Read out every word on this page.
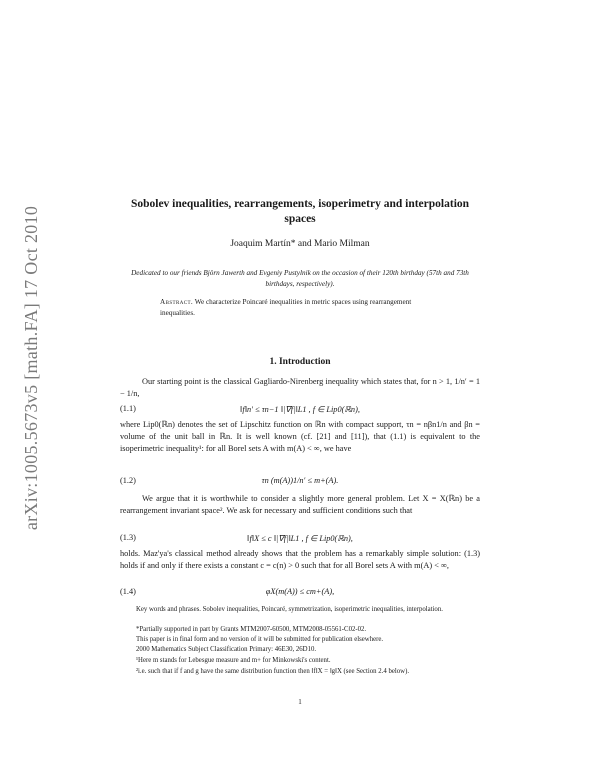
arXiv:1005.5673v5 [math.FA] 17 Oct 2010
Sobolev inequalities, rearrangements, isoperimetry and interpolation spaces
Joaquim Martín* and Mario Milman
Dedicated to our friends Björn Jawerth and Evgeniy Pustylnik on the occasion of their 120th birthday (57th and 73th birthdays, respectively).
Abstract. We characterize Poincaré inequalities in metric spaces using rearrangement inequalities.
1. Introduction
Our starting point is the classical Gagliardo-Nirenberg inequality which states that, for n > 1, 1/n′ = 1 − 1/n,
(1.1)	‖f‖n′ ≤ τn−1 ‖|∇f|‖L1 , f ∈ Lip0(ℝn),
where Lip0(ℝn) denotes the set of Lipschitz function on ℝn with compact support, τn = nβn1/n and βn = volume of the unit ball in ℝn. It is well known (cf. [21] and [11]), that (1.1) is equivalent to the isoperimetric inequality¹: for all Borel sets A with m(A) < ∞, we have
(1.2)	τn (m(A))1/n′ ≤ m+(A).
We argue that it is worthwhile to consider a slightly more general problem. Let X = X(ℝn) be a rearrangement invariant space². We ask for necessary and sufficient conditions such that
(1.3)	‖f‖X ≤ c ‖|∇f|‖L1 , f ∈ Lip0(ℝn),
holds. Maz'ya's classical method already shows that the problem has a remarkably simple solution: (1.3) holds if and only if there exists a constant c = c(n) > 0 such that for all Borel sets A with m(A) < ∞,
(1.4)	φX(m(A)) ≤ cm+(A),
Key words and phrases. Sobolev inequalities, Poincaré, symmetrization, isoperimetric inequalities, interpolation.
*Partially supported in part by Grants MTM2007-60500, MTM2008-05561-C02-02.
This paper is in final form and no version of it will be submitted for publication elsewhere.
2000 Mathematics Subject Classification Primary: 46E30, 26D10.
¹Here m stands for Lebesgue measure and m+ for Minkowski's content.
²i.e. such that if f and g have the same distribution function then ‖f‖X = ‖g‖X (see Section 2.4 below).
1
